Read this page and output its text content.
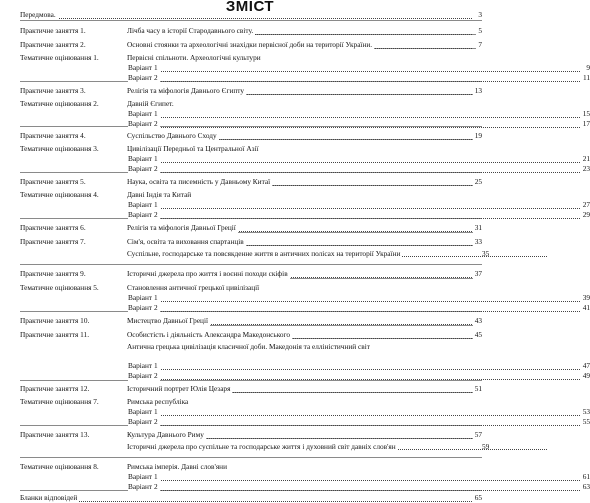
ЗМІСТ
Передмова.	3
Практичне заняття 1.	Лічба часу в історії Стародавнього світу.	5
Практичне заняття 2.	Основні стоянки та археологічні знахідки первісної доби на території України.	7
Тематичне оцінювання 1.	Первісні спільноти. Археологічні культури
Варіант 1	9
Варіант 2	11
Практичне заняття 3.	Релігія та міфологія Давнього Єгипту	13
Тематичне оцінювання 2.	Давній Єгипет.
Варіант 1	15
Варіант 2	17
Практичне заняття 4.	Суспільство Давнього Сходу	19
Тематичне оцінювання 3.	Цивілізації Передньої та Центральної Азії
Варіант 1	21
Варіант 2	23
Практичне заняття 5.	Наука, освіта та писемність у Давньому Китаї	25
Тематичне оцінювання 4.	Давні Індія та Китай
Варіант 1	27
Варіант 2	29
Практичне заняття 6.	Релігія та міфологія Давньої Греції	31
Практичне заняття 7.	Сім'я, освіта та виховання спартанців	33
Суспільне, господарське та повсякденне життя в античних полісах на території України	35
Практичне заняття 9.	Історичні джерела про життя і воєнні походи скіфів	37
Тематичне оцінювання 5.	Становлення античної грецької цивілізації
Варіант 1	39
Варіант 2	41
Практичне заняття 10.	Мистецтво Давньої Греції	43
Практичне заняття 11.	Особистість і діяльність Александра Македонського	45
Антична грецька цивілізація класичної доби. Македонія та елліністичний світ
Варіант 1	47
Варіант 2	49
Практичне заняття 12.	Історичний портрет Юлія Цезаря	51
Тематичне оцінювання 7.	Римська республіка
Варіант 1	53
Варіант 2	55
Практичне заняття 13.	Культура Давнього Риму	57
Історичні джерела про суспільне та господарське життя і духовний світ давніх слов'ян	59
Тематичне оцінювання 8.	Римська імперія. Давні слов'яни
Варіант 1	61
Варіант 2	63
Бланки відповідей	65
